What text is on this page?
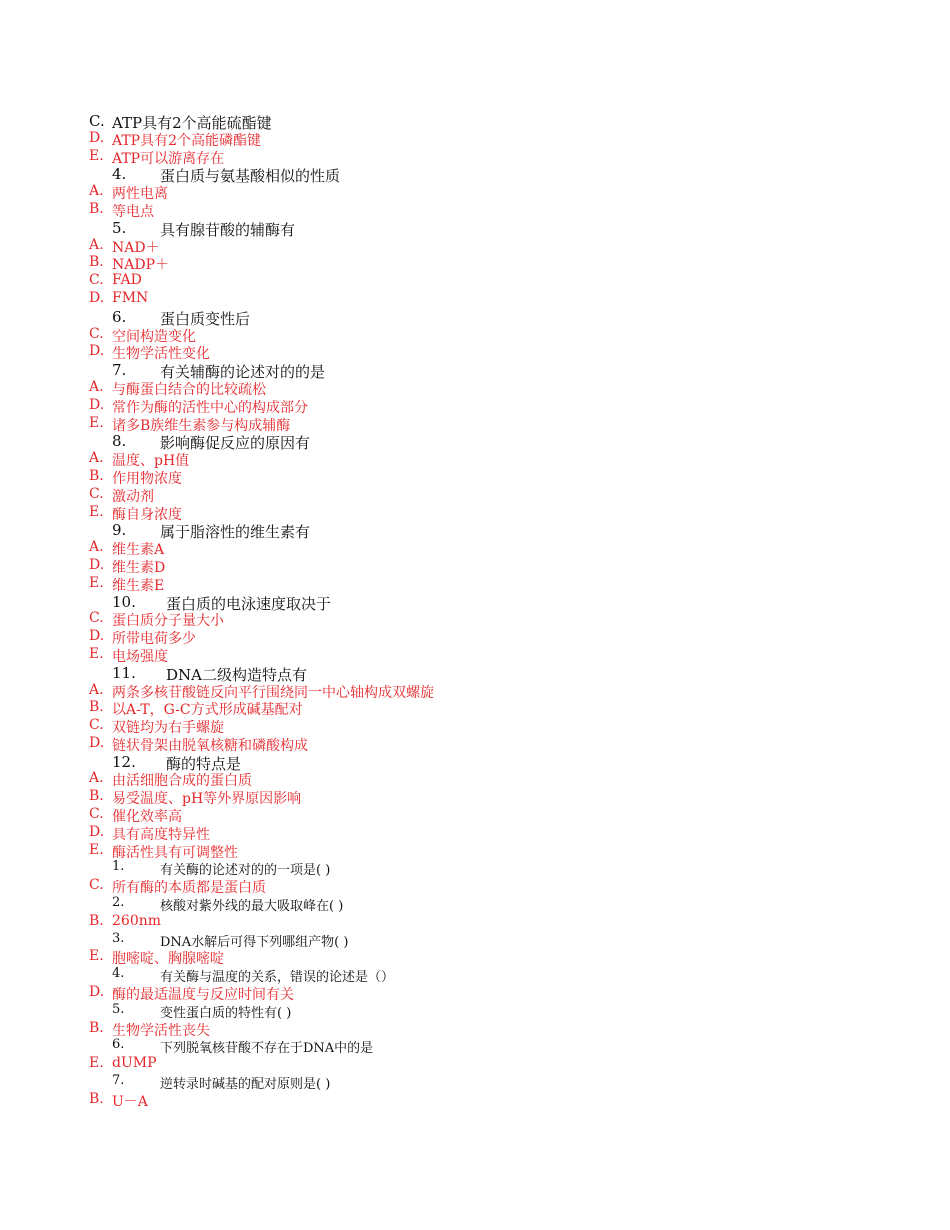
C. ATP具有2个高能硫酯键
D. ATP具有2个高能磷酯键
E. ATP可以游离存在
4. 蛋白质与氨基酸相似的性质
A. 两性电离
B. 等电点
5. 具有腺苷酸的辅酶有
A. NAD＋
B. NADP＋
C. FAD
D. FMN
6. 蛋白质变性后
C. 空间构造变化
D. 生物学活性变化
7. 有关辅酶的论述对的的是
A. 与酶蛋白结合的比较疏松
D. 常作为酶的活性中心的构成部分
E. 诸多B族维生素参与构成辅酶
8. 影响酶促反应的原因有
A. 温度、pH值
B. 作用物浓度
C. 激动剂
E. 酶自身浓度
9. 属于脂溶性的维生素有
A. 维生素A
D. 维生素D
E. 维生素E
10. 蛋白质的电泳速度取决于
C. 蛋白质分子量大小
D. 所带电荷多少
E. 电场强度
11. DNA二级构造特点有
A. 两条多核苷酸链反向平行围绕同一中心轴构成双螺旋
B. 以A-T，G-C方式形成碱基配对
C. 双链均为右手螺旋
D. 链状骨架由脱氧核糖和磷酸构成
12. 酶的特点是
A. 由活细胞合成的蛋白质
B. 易受温度、pH等外界原因影响
C. 催化效率高
D. 具有高度特异性
E. 酶活性具有可调整性
1.	有关酶的论述对的的一项是( )
C. 所有酶的本质都是蛋白质
2.	核酸对紫外线的最大吸取峰在( )
B. 260nm
3.	DNA水解后可得下列哪组产物( )
E. 胞嘧啶、胸腺嘧啶
4.	有关酶与温度的关系，错误的论述是（）
D. 酶的最适温度与反应时间有关
5.	变性蛋白质的特性有( )
B. 生物学活性丧失
6.	下列脱氧核苷酸不存在于DNA中的是
E. dUMP
7.	逆转录时碱基的配对原则是( )
B. U－A
